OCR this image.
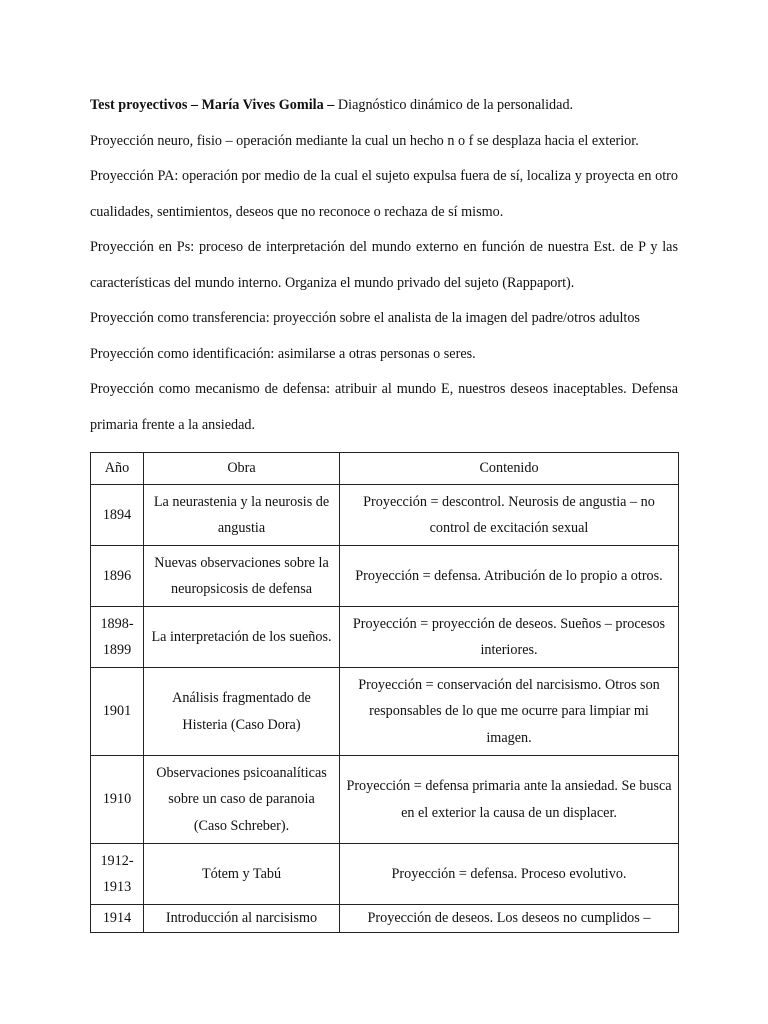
Test proyectivos – María Vives Gomila – Diagnóstico dinámico de la personalidad.

Proyección neuro, fisio – operación mediante la cual un hecho n o f se desplaza hacia el exterior.

Proyección PA: operación por medio de la cual el sujeto expulsa fuera de sí, localiza y proyecta en otro cualidades, sentimientos, deseos que no reconoce o rechaza de sí mismo.

Proyección en Ps: proceso de interpretación del mundo externo en función de nuestra Est. de P y las características del mundo interno. Organiza el mundo privado del sujeto (Rappaport).

Proyección como transferencia: proyección sobre el analista de la imagen del padre/otros adultos

Proyección como identificación: asimilarse a otras personas o seres.

Proyección como mecanismo de defensa: atribuir al mundo E, nuestros deseos inaceptables. Defensa primaria frente a la ansiedad.

Año	Obra	Contenido
1894	La neurastenia y la neurosis de angustia	Proyección = descontrol. Neurosis de angustia – no control de excitación sexual
1896	Nuevas observaciones sobre la neuropsicosis de defensa	Proyección = defensa. Atribución de lo propio a otros.
1898-1899	La interpretación de los sueños.	Proyección = proyección de deseos. Sueños – procesos interiores.
1901	Análisis fragmentado de Histeria (Caso Dora)	Proyección = conservación del narcisismo. Otros son responsables de lo que me ocurre para limpiar mi imagen.
1910	Observaciones psicoanalíticas sobre un caso de paranoia (Caso Schreber).	Proyección = defensa primaria ante la ansiedad. Se busca en el exterior la causa de un displacer.
1912-1913	Tótem y Tabú	Proyección = defensa. Proceso evolutivo.
1914	Introducción al narcisismo	Proyección de deseos. Los deseos no cumplidos –
